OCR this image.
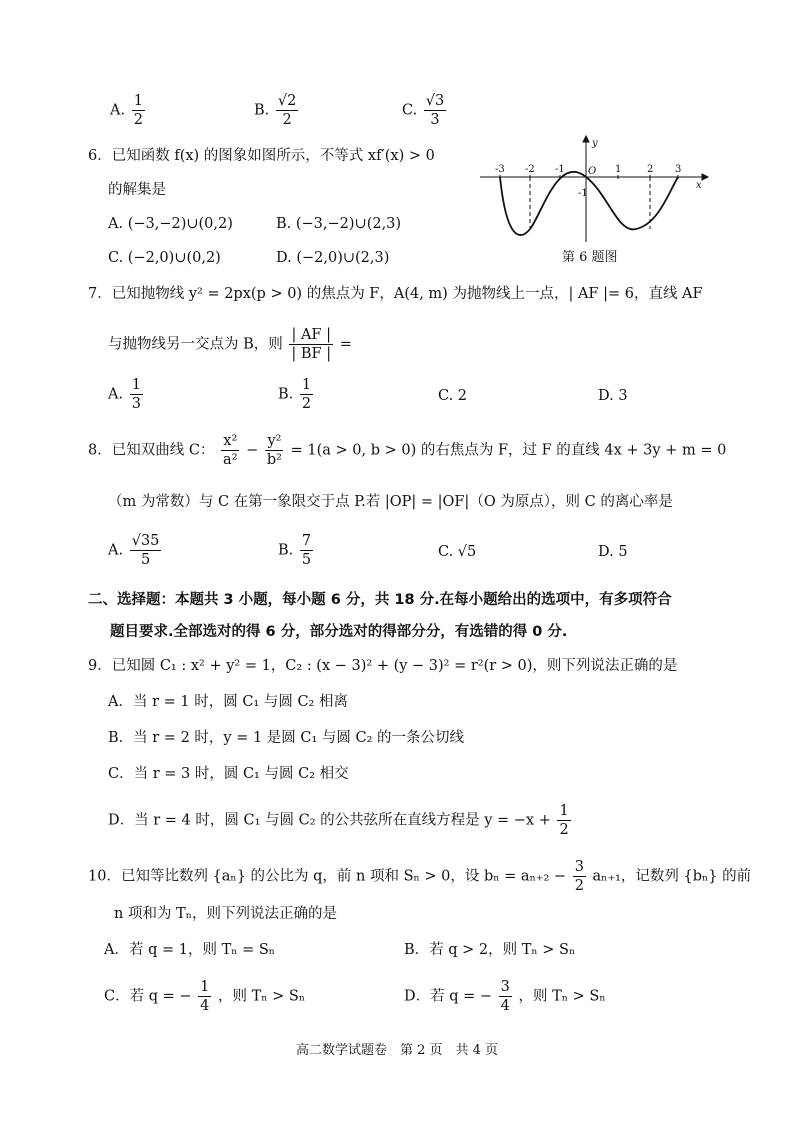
A. $\frac{1}{2}$	B. $\frac{√2}{2}$	C. $\frac{√3}{3}$
6．已知函数 f(x) 的图象如图所示，不等式 xf′(x) > 0
的解集是
A. (−3,−2)∪(0,2)	B. (−3,−2)∪(2,3)
C. (−2,0)∪(0,2)	D. (−2,0)∪(2,3)
-3 -2 -1	1	2 3
-1
O
x
y
第 6 题图
7．已知抛物线 y² = 2px(p > 0) 的焦点为 F，A(4, m) 为抛物线上一点，| AF |= 6，直线 AF
与抛物线另一交点为 B，则 $\frac{| AF |}{| BF |}$ =
A. $\frac{1}{3}$	B. $\frac{1}{2}$	C. 2	D. 3
8．已知双曲线 C： $\frac{\text{x²}}{\text{a²}} - \frac{\text{y²}}{\text{b²}} = 1(a > 0$, b > 0) 的右焦点为 F，过 F 的直线 4x + 3y + m = 0
（m 为常数）与 C 在第一象限交于点 P.若 |OP| = |OF|（O 为原点），则 C 的离心率是
A. $\frac{√35}{5}$	B. $\frac{7}{5}$	C. √5	D. 5
二、选择题：本题共 3 小题，每小题 6 分，共 18 分.在每小题给出的选项中，有多项符合
题目要求.全部选对的得 6 分，部分选对的得部分分，有选错的得 0 分.
9．已知圆 C₁ : x² + y² = 1，C₂ : (x − 3)² + (y − 3)² = r²(r > 0)，则下列说法正确的是
A．当 r = 1 时，圆 C₁ 与圆 C₂ 相离
B．当 r = 2 时，y = 1 是圆 C₁ 与圆 C₂ 的一条公切线
C．当 r = 3 时，圆 C₁ 与圆 C₂ 相交
D．当 r = 4 时，圆 C₁ 与圆 C₂ 的公共弦所在直线方程是 $y = -x + \frac{1}{2}$
10．已知等比数列 {aₙ} 的公比为 q，前 n 项和 Sₙ > 0，设 $b_n = a_{n+2} - \frac{3}{2} a_{n+1}$，记数列 {bₙ} 的前
n 项和为 Tₙ，则下列说法正确的是
A．若 q = 1，则 Tₙ = Sₙ	B．若 q > 2，则 Tₙ > Sₙ
C．若 q = − $\frac{1}{4}$ ，则 Tₙ > Sₙ	D．若 q = − $\frac{3}{4}$ ，则 Tₙ > Sₙ
高二数学试题卷　第 2 页　共 4 页
